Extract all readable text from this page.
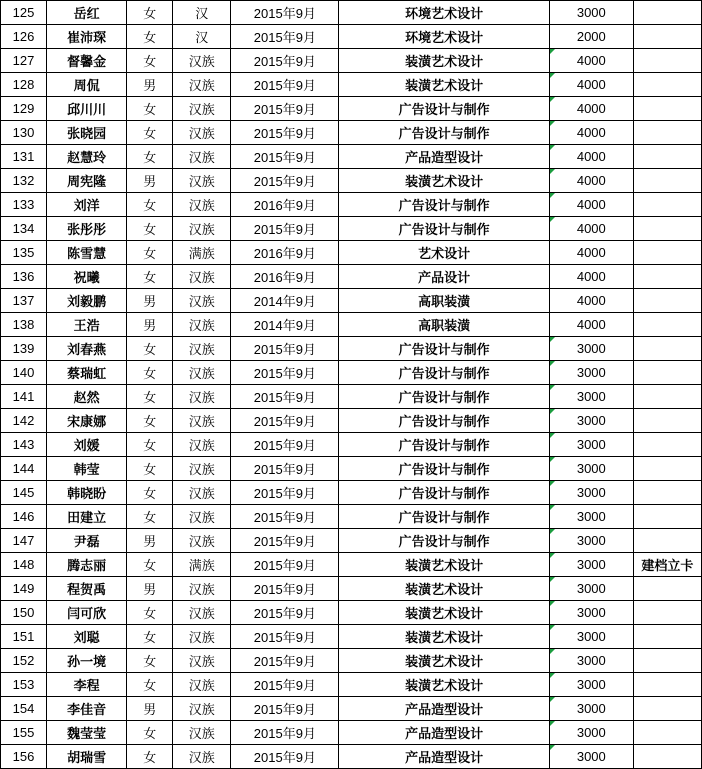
125	岳红	女	汉	2015年9月	环境艺术设计	3000	
126	崔沛琛	女	汉	2015年9月	环境艺术设计	2000	
127	督馨金	女	汉族	2015年9月	装潢艺术设计	4000	
128	周侃	男	汉族	2015年9月	装潢艺术设计	4000	
129	邱川川	女	汉族	2015年9月	广告设计与制作	4000	
130	张晓园	女	汉族	2015年9月	广告设计与制作	4000	
131	赵慧玲	女	汉族	2015年9月	产品造型设计	4000	
132	周宪隆	男	汉族	2015年9月	装潢艺术设计	4000	
133	刘洋	女	汉族	2016年9月	广告设计与制作	4000	
134	张彤彤	女	汉族	2015年9月	广告设计与制作	4000	
135	陈雪慧	女	满族	2016年9月	艺术设计	4000	
136	祝曦	女	汉族	2016年9月	产品设计	4000	
137	刘毅鹏	男	汉族	2014年9月	高职装潢	4000	
138	王浩	男	汉族	2014年9月	高职装潢	4000	
139	刘春燕	女	汉族	2015年9月	广告设计与制作	3000	
140	蔡瑞虹	女	汉族	2015年9月	广告设计与制作	3000	
141	赵然	女	汉族	2015年9月	广告设计与制作	3000	
142	宋康娜	女	汉族	2015年9月	广告设计与制作	3000	
143	刘媛	女	汉族	2015年9月	广告设计与制作	3000	
144	韩莹	女	汉族	2015年9月	广告设计与制作	3000	
145	韩晓盼	女	汉族	2015年9月	广告设计与制作	3000	
146	田建立	女	汉族	2015年9月	广告设计与制作	3000	
147	尹磊	男	汉族	2015年9月	广告设计与制作	3000	
148	腾志丽	女	满族	2015年9月	装潢艺术设计	3000	建档立卡
149	程贺禹	男	汉族	2015年9月	装潢艺术设计	3000	
150	闫可欣	女	汉族	2015年9月	装潢艺术设计	3000	
151	刘聪	女	汉族	2015年9月	装潢艺术设计	3000	
152	孙一境	女	汉族	2015年9月	装潢艺术设计	3000	
153	李程	女	汉族	2015年9月	装潢艺术设计	3000	
154	李佳音	男	汉族	2015年9月	产品造型设计	3000	
155	魏莹莹	女	汉族	2015年9月	产品造型设计	3000	
156	胡瑞雪	女	汉族	2015年9月	产品造型设计	3000	
